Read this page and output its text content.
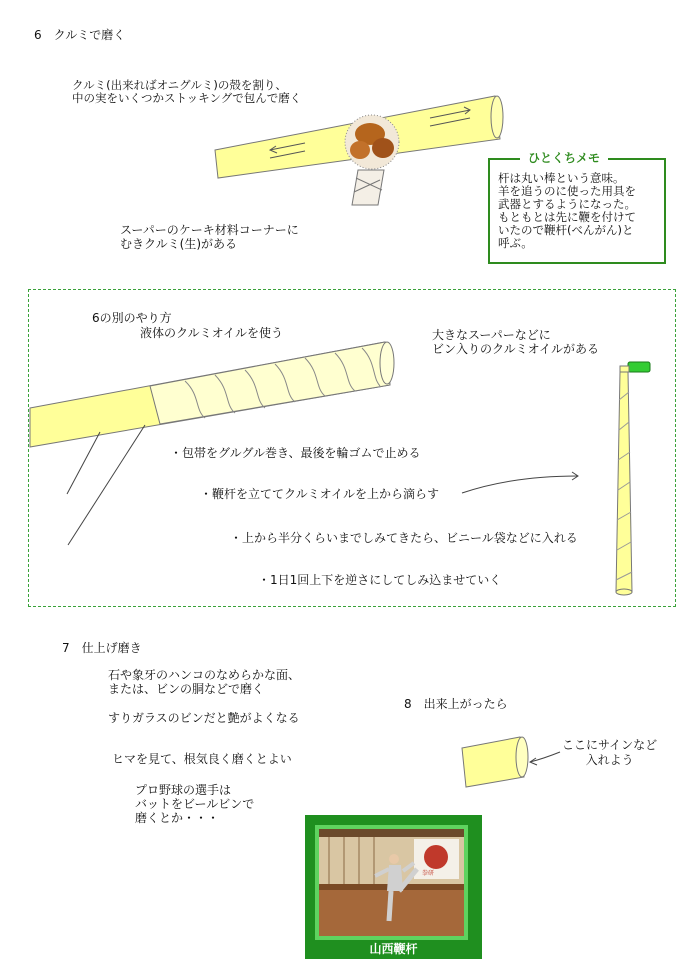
6　クルミで磨く
クルミ(出来ればオニグルミ)の殻を割り、
中の実をいくつかストッキングで包んで磨く
スーパーのケーキ材料コーナーに
むきクルミ(生)がある
ひとくちメモ
杆は丸い棒という意味。
羊を追うのに使った用具を
武器とするようになった。
もともとは先に鞭を付けて
いたので鞭杆(べんがん)と
呼ぶ。
6の別のやり方
液体のクルミオイルを使う	大きなスーパーなどに
ビン入りのクルミオイルがある
・包帯をグルグル巻き、最後を輪ゴムで止める
・鞭杆を立ててクルミオイルを上から滴らす
・上から半分くらいまでしみてきたら、ビニール袋などに入れる
・1日1回上下を逆さにしてしみ込ませていく
7　仕上げ磨き
石や象牙のハンコのなめらかな面、
または、ビンの胴などで磨く
すりガラスのビンだと艶がよくなる
ヒマを見て、根気良く磨くとよい
プロ野球の選手は
バットをビールビンで
磨くとか・・・
8　出来上がったら
ここにサインなど
入れよう
拳研
山西鞭杆
